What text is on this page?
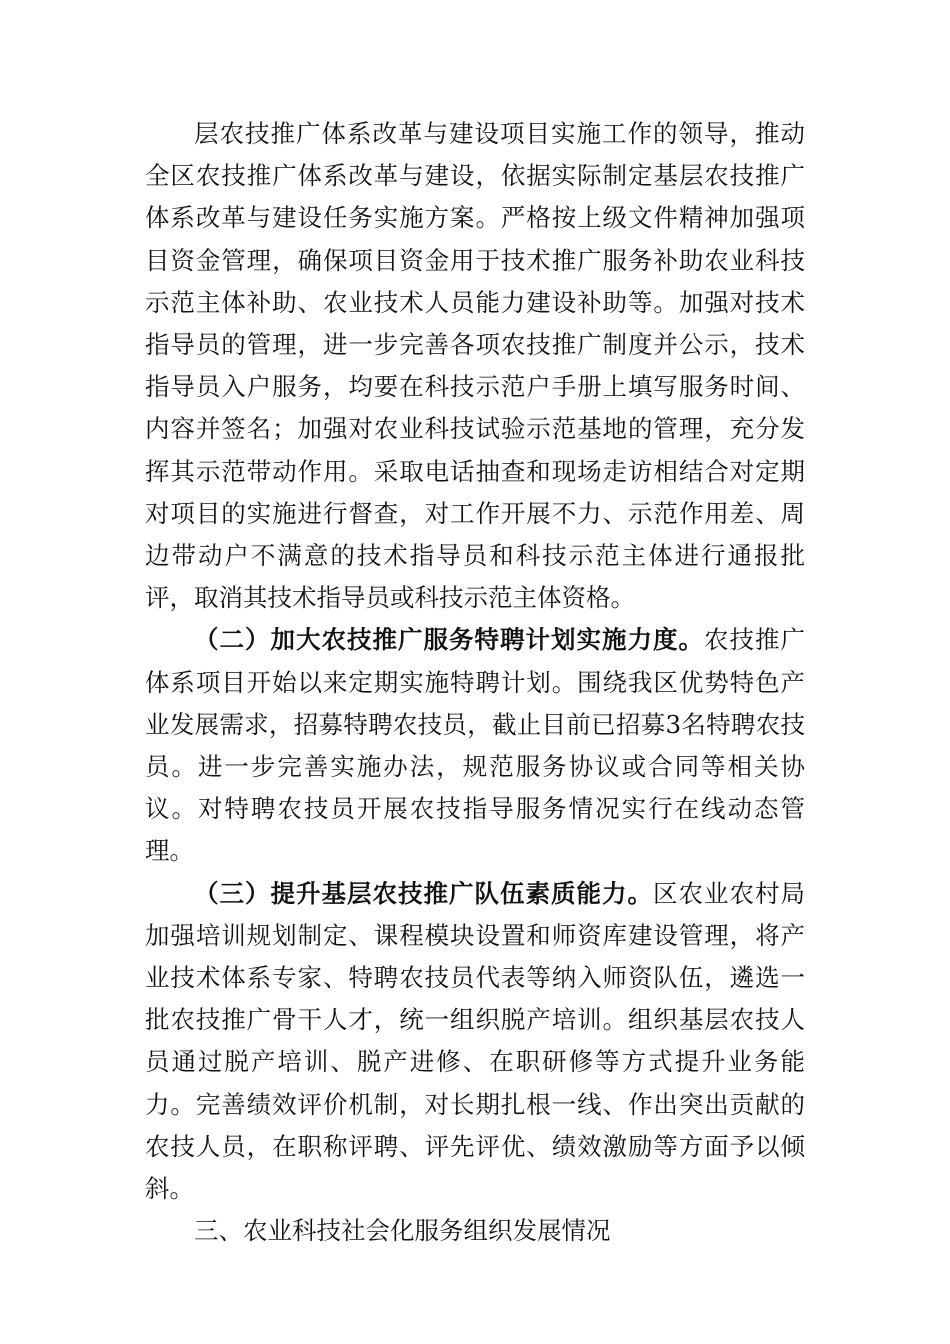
层农技推广体系改革与建设项目实施工作的领导，推动全区农技推广体系改革与建设，依据实际制定基层农技推广体系改革与建设任务实施方案。严格按上级文件精神加强项目资金管理，确保项目资金用于技术推广服务补助农业科技示范主体补助、农业技术人员能力建设补助等。加强对技术指导员的管理，进一步完善各项农技推广制度并公示，技术指导员入户服务，均要在科技示范户手册上填写服务时间、内容并签名；加强对农业科技试验示范基地的管理，充分发挥其示范带动作用。采取电话抽查和现场走访相结合对定期对项目的实施进行督查，对工作开展不力、示范作用差、周边带动户不满意的技术指导员和科技示范主体进行通报批评，取消其技术指导员或科技示范主体资格。

（二）加大农技推广服务特聘计划实施力度。农技推广体系项目开始以来定期实施特聘计划。围绕我区优势特色产业发展需求，招募特聘农技员，截止目前已招募3名特聘农技员。进一步完善实施办法，规范服务协议或合同等相关协议。对特聘农技员开展农技指导服务情况实行在线动态管理。

（三）提升基层农技推广队伍素质能力。区农业农村局加强培训规划制定、课程模块设置和师资库建设管理，将产业技术体系专家、特聘农技员代表等纳入师资队伍，遴选一批农技推广骨干人才，统一组织脱产培训。组织基层农技人员通过脱产培训、脱产进修、在职研修等方式提升业务能力。完善绩效评价机制，对长期扎根一线、作出突出贡献的农技人员，在职称评聘、评先评优、绩效激励等方面予以倾斜。

三、农业科技社会化服务组织发展情况
